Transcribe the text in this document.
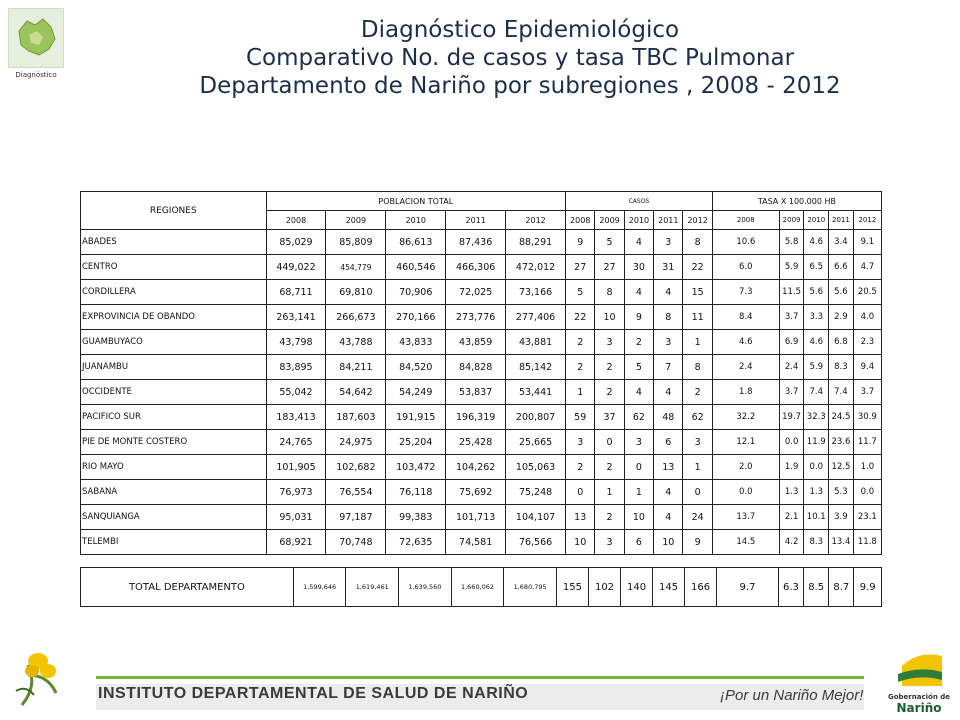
Diagnóstico
Diagnóstico Epidemiológico
Comparativo No. de casos y tasa TBC Pulmonar
Departamento de Nariño por subregiones , 2008 - 2012
REGIONES	POBLACION TOTAL					CASOS					TASA X 100.000 HB				
	2008	2009	2010	2011	2012	2008	2009	2010	2011	2012	2008	2009	2010	2011	2012
ABADES	85,029	85,809	86,613	87,436	88,291	9	5	4	3	8	10.6	5.8	4.6	3.4	9.1
CENTRO	449,022	454,779	460,546	466,306	472,012	27	27	30	31	22	6.0	5.9	6.5	6.6	4.7
CORDILLERA	68,711	69,810	70,906	72,025	73,166	5	8	4	4	15	7.3	11.5	5.6	5.6	20.5
EXPROVINCIA DE OBANDO	263,141	266,673	270,166	273,776	277,406	22	10	9	8	11	8.4	3.7	3.3	2.9	4.0
GUAMBUYACO	43,798	43,788	43,833	43,859	43,881	2	3	2	3	1	4.6	6.9	4.6	6.8	2.3
JUANAMBU	83,895	84,211	84,520	84,828	85,142	2	2	5	7	8	2.4	2.4	5.9	8.3	9.4
OCCIDENTE	55,042	54,642	54,249	53,837	53,441	1	2	4	4	2	1.8	3.7	7.4	7.4	3.7
PACIFICO SUR	183,413	187,603	191,915	196,319	200,807	59	37	62	48	62	32.2	19.7	32.3	24.5	30.9
PIE DE MONTE COSTERO	24,765	24,975	25,204	25,428	25,665	3	0	3	6	3	12.1	0.0	11.9	23.6	11.7
RIO MAYO	101,905	102,682	103,472	104,262	105,063	2	2	0	13	1	2.0	1.9	0.0	12.5	1.0
SABANA	76,973	76,554	76,118	75,692	75,248	0	1	1	4	0	0.0	1.3	1.3	5.3	0.0
SANQUIANGA	95,031	97,187	99,383	101,713	104,107	13	2	10	4	24	13.7	2.1	10.1	3.9	23.1
TELEMBI	68,921	70,748	72,635	74,581	76,566	10	3	6	10	9	14.5	4.2	8.3	13.4	11.8
TOTAL DEPARTAMENTO	1,599,646	1,619,461	1,639,560	1,660,062	1,680,795	155	102	140	145	166	9.7	6.3	8.5	8.7	9.9
INSTITUTO DEPARTAMENTAL DE SALUD DE NARIÑO	¡Por un Nariño Mejor!	Gobernación de
Nariño
